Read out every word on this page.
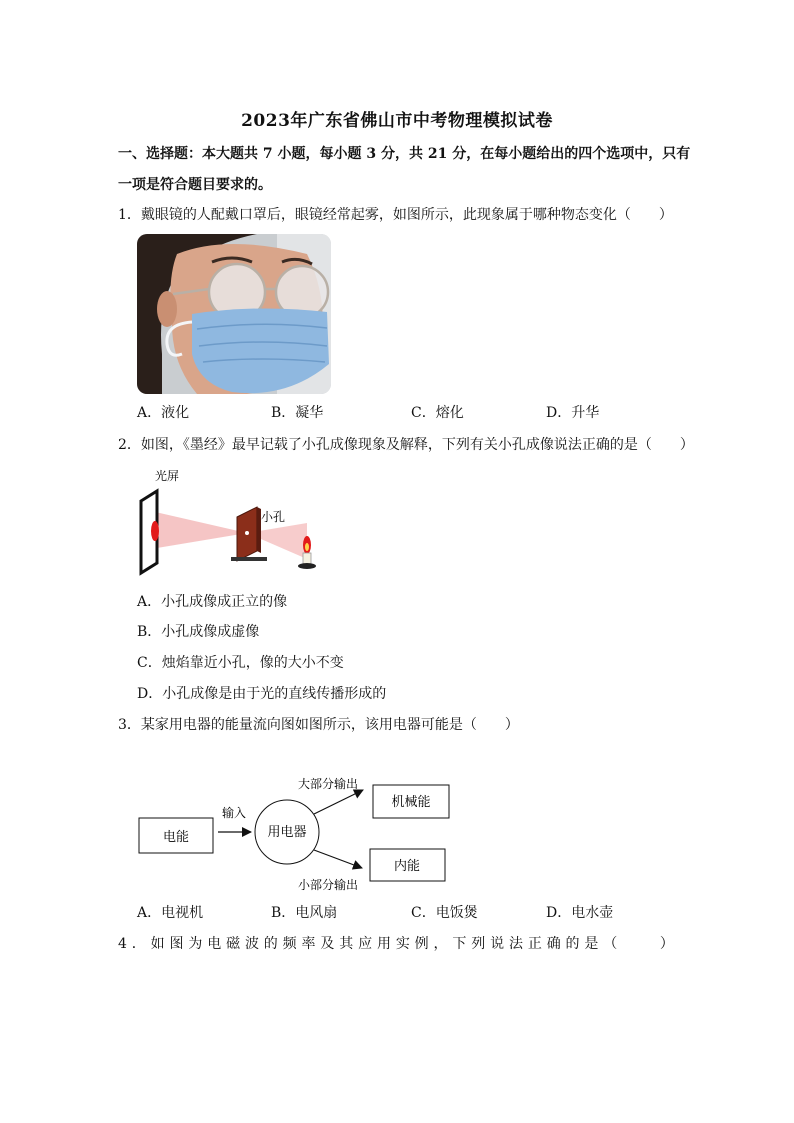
2023年广东省佛山市中考物理模拟试卷
一、选择题：本大题共 7 小题，每小题 3 分，共 21 分，在每小题给出的四个选项中，只有
一项是符合题目要求的。
1．戴眼镜的人配戴口罩后，眼镜经常起雾，如图所示，此现象属于哪种物态变化（　　）
A．液化	B．凝华	C．熔化	D．升华
2．如图，《墨经》最早记载了小孔成像现象及解释，下列有关小孔成像说法正确的是（　　）
光屏
小孔
A．小孔成像成正立的像
B．小孔成像成虚像
C．烛焰靠近小孔，像的大小不变
D．小孔成像是由于光的直线传播形成的
3．某家用电器的能量流向图如图所示，该用电器可能是（　　）
电能
输入
用电器
大部分输出
小部分输出
机械能
内能
A．电视机	B．电风扇	C．电饭煲	D．电水壶
4 ． 如 图 为 电 磁 波 的 频 率 及 其 应 用 实 例 ， 下 列 说 法 正 确 的 是 （

　	）
